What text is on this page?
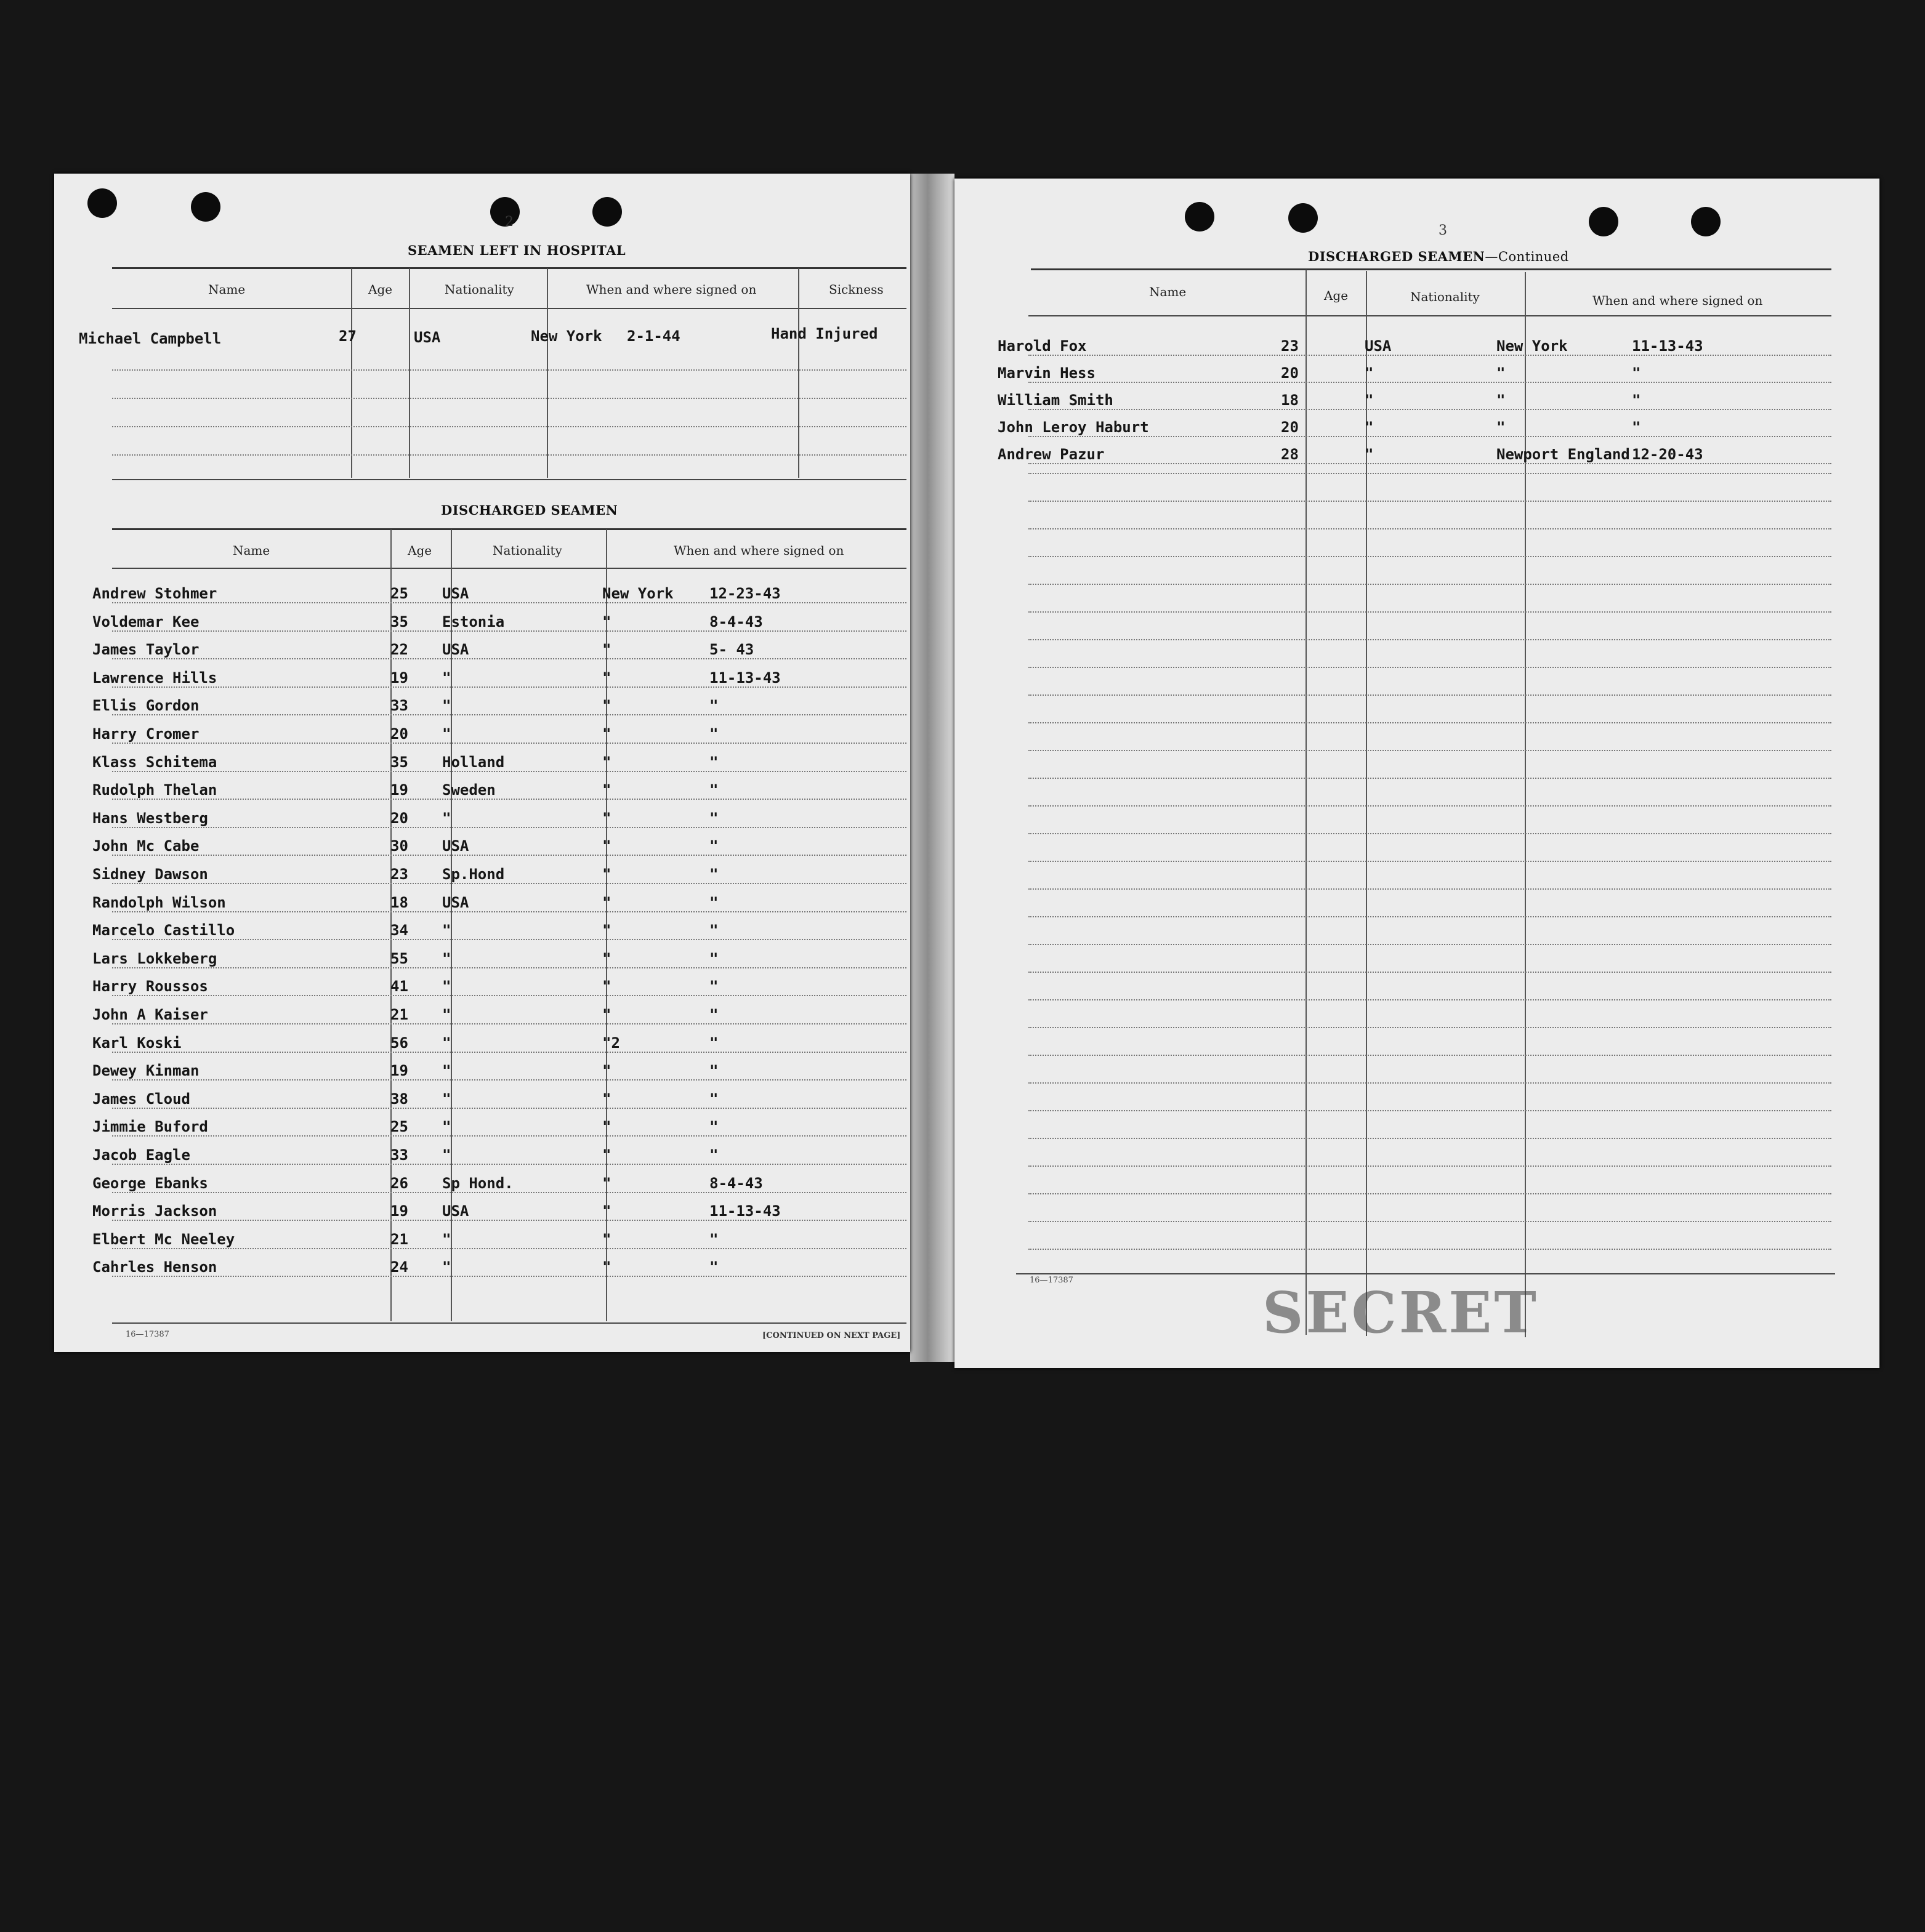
2
SEAMEN LEFT IN HOSPITAL
Name	Age	Nationality	When and where signed on	Sickness
Michael Campbell	27	USA	New York 2-1-44	Hand Injured
DISCHARGED SEAMEN
Name	Age	Nationality	When and where signed on
Andrew Stohmer	25 USA	New York 12-23-43
Voldemar Kee	35 Estonia	"	8-4-43
James Taylor	22 USA	"	5- 43
Lawrence Hills	19 "	"	11-13-43
Ellis Gordon	33 "	"	"
Harry Cromer	20 "	"	"
Klass Schitema	35 Holland	"	"
Rudolph Thelan	19 Sweden	"	"
Hans Westberg	20 "	"	"
John Mc Cabe	30 USA	"	"
Sidney Dawson	23 Sp.Hond	"	"
Randolph Wilson	18 USA	"	"
Marcelo Castillo	34 "	"	"
Lars Lokkeberg	55 "	"	"
Harry Roussos	41 "	"	"
John A Kaiser	21 "	"	"
Karl Koski	56 "	"2	"
Dewey Kinman	19 "	"	"
James Cloud	38 "	"	"
Jimmie Buford	25 "	"	"
Jacob Eagle	33 "	"	"
George Ebanks	26 Sp Hond.	"	8-4-43
Morris Jackson	19 USA	"	11-13-43
Elbert Mc Neeley	21 "	"	"
Cahrles Henson	24 "	"	"
16—17387	[CONTINUED ON NEXT PAGE]
3
DISCHARGED SEAMEN—Continued
Name	Age	Nationality	When and where signed on
Harold Fox	23	USA	New York	11-13-43
Marvin Hess	20	"	"	"
William Smith	18	"	"	"
John Leroy Haburt	20	"	"	"
Andrew Pazur	28	"	Newport England 12-20-43
16—17387	SECRET
